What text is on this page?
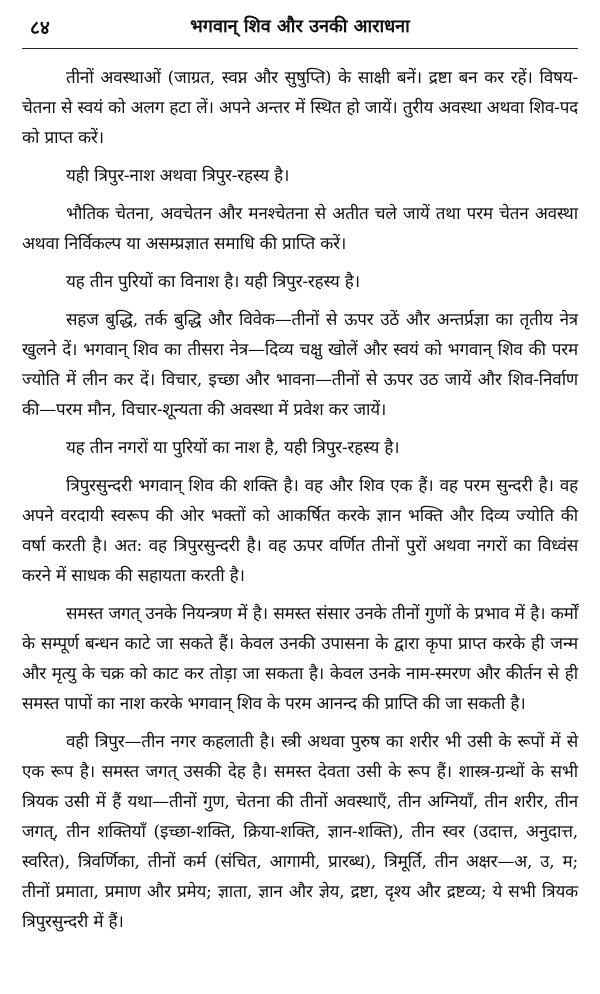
८४	भगवान् शिव और उनकी आराधना

तीनों अवस्थाओं (जाग्रत, स्वप्न और सुषुप्ति) के साक्षी बनें। द्रष्टा बन कर रहें। विषय-चेतना से स्वयं को अलग हटा लें। अपने अन्तर में स्थित हो जायें। तुरीय अवस्था अथवा शिव-पद को प्राप्त करें।

यही त्रिपुर-नाश अथवा त्रिपुर-रहस्य है।

भौतिक चेतना, अवचेतन और मनश्चेतना से अतीत चले जायें तथा परम चेतन अवस्था अथवा निर्विकल्प या असम्प्रज्ञात समाधि की प्राप्ति करें।

यह तीन पुरियों का विनाश है। यही त्रिपुर-रहस्य है।

सहज बुद्धि, तर्क बुद्धि और विवेक—तीनों से ऊपर उठें और अन्तर्प्रज्ञा का तृतीय नेत्र खुलने दें। भगवान् शिव का तीसरा नेत्र—दिव्य चक्षु खोलें और स्वयं को भगवान् शिव की परम ज्योति में लीन कर दें। विचार, इच्छा और भावना—तीनों से ऊपर उठ जायें और शिव-निर्वाण की—परम मौन, विचार-शून्यता की अवस्था में प्रवेश कर जायें।

यह तीन नगरों या पुरियों का नाश है, यही त्रिपुर-रहस्य है।

त्रिपुरसुन्दरी भगवान् शिव की शक्ति है। वह और शिव एक हैं। वह परम सुन्दरी है। वह अपने वरदायी स्वरूप की ओर भक्तों को आकर्षित करके ज्ञान भक्ति और दिव्य ज्योति की वर्षा करती है। अत: वह त्रिपुरसुन्दरी है। वह ऊपर वर्णित तीनों पुरों अथवा नगरों का विध्वंस करने में साधक की सहायता करती है।

समस्त जगत् उनके नियन्त्रण में है। समस्त संसार उनके तीनों गुणों के प्रभाव में है। कर्मों के सम्पूर्ण बन्धन काटे जा सकते हैं। केवल उनकी उपासना के द्वारा कृपा प्राप्त करके ही जन्म और मृत्यु के चक्र को काट कर तोड़ा जा सकता है। केवल उनके नाम-स्मरण और कीर्तन से ही समस्त पापों का नाश करके भगवान् शिव के परम आनन्द की प्राप्ति की जा सकती है।

वही त्रिपुर—तीन नगर कहलाती है। स्त्री अथवा पुरुष का शरीर भी उसी के रूपों में से एक रूप है। समस्त जगत् उसकी देह है। समस्त देवता उसी के रूप हैं। शास्त्र-ग्रन्थों के सभी त्रियक उसी में हैं यथा—तीनों गुण, चेतना की तीनों अवस्थाएँ, तीन अग्नियाँ, तीन शरीर, तीन जगत्, तीन शक्तियाँ (इच्छा-शक्ति, क्रिया-शक्ति, ज्ञान-शक्ति), तीन स्वर (उदात्त, अनुदात्त, स्वरित), त्रिवर्णिका, तीनों कर्म (संचित, आगामी, प्रारब्ध), त्रिमूर्ति, तीन अक्षर—अ, उ, म; तीनों प्रमाता, प्रमाण और प्रमेय; ज्ञाता, ज्ञान और ज्ञेय, द्रष्टा, दृश्य और द्रष्टव्य; ये सभी त्रियक त्रिपुरसुन्दरी में हैं।
